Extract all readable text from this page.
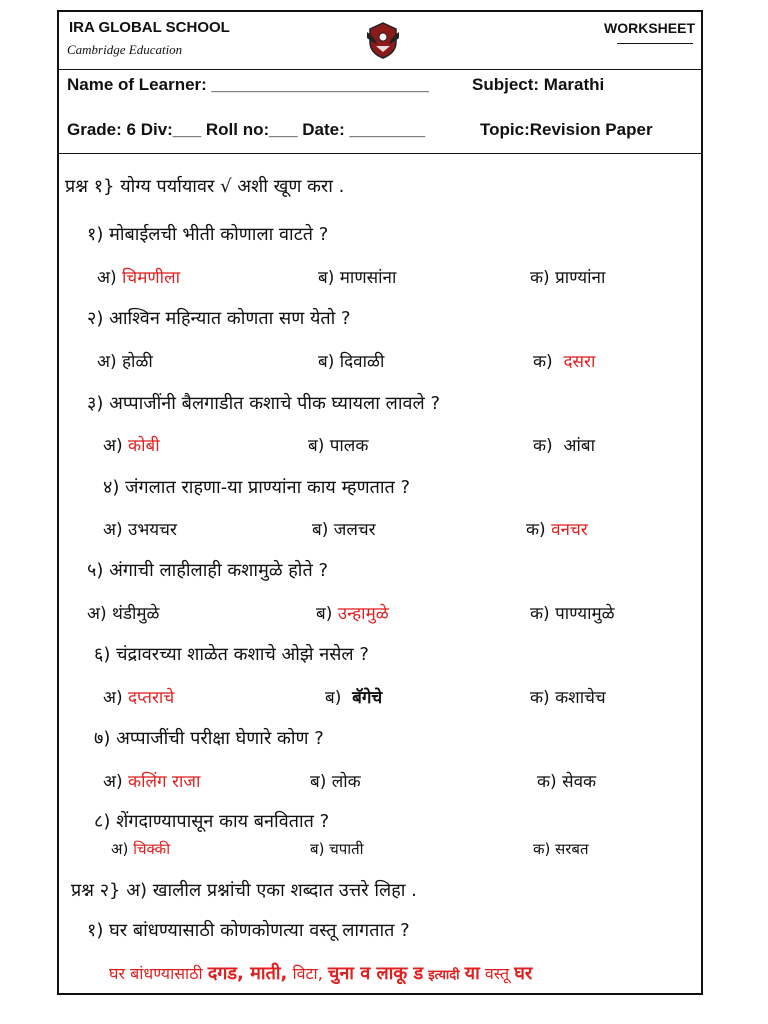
IRA GLOBAL SCHOOL
Cambridge Education
WORKSHEET
Name of Learner: _______________________	Subject: Marathi
Grade: 6 Div:___ Roll no:___ Date: ________	Topic:Revision Paper
प्रश्न १} योग्य पर्यायावर √ अशी खूण करा .
१) मोबाईलची भीती कोणाला वाटते ?
अ) चिमणीला	ब) माणसांना	क) प्राण्यांना
२) आश्विन महिन्यात कोणता सण येतो ?
अ) होळी	ब) दिवाळी	क) दसरा
३) अप्पाजींनी बैलगाडीत कशाचे पीक घ्यायला लावले ?
अ) कोबी	ब) पालक	क) आंबा
४) जंगलात राहणा-या प्राण्यांना काय म्हणतात ?
अ) उभयचर	ब) जलचर	क) वनचर
५) अंगाची लाहीलाही कशामुळे होते ?
अ) थंडीमुळे	ब) उन्हामुळे	क) पाण्यामुळे
६) चंद्रावरच्या शाळेत कशाचे ओझे नसेल ?
अ) दप्तराचे	ब) बॅगेचे	क) कशाचेच
७) अप्पाजींची परीक्षा घेणारे कोण ?
अ) कलिंग राजा	ब) लोक	क) सेवक
८) शेंगदाण्यापासून काय बनवितात ?
अ) चिक्की	ब) चपाती	क) सरबत
प्रश्न २} अ) खालील प्रश्नांची एका शब्दात उत्तरे लिहा .
१) घर बांधण्यासाठी कोणकोणत्या वस्तू लागतात ?
घर बांधण्यासाठी दगड, माती, विटा, चुना व लाकू ड इत्यादी या वस्तू घर
